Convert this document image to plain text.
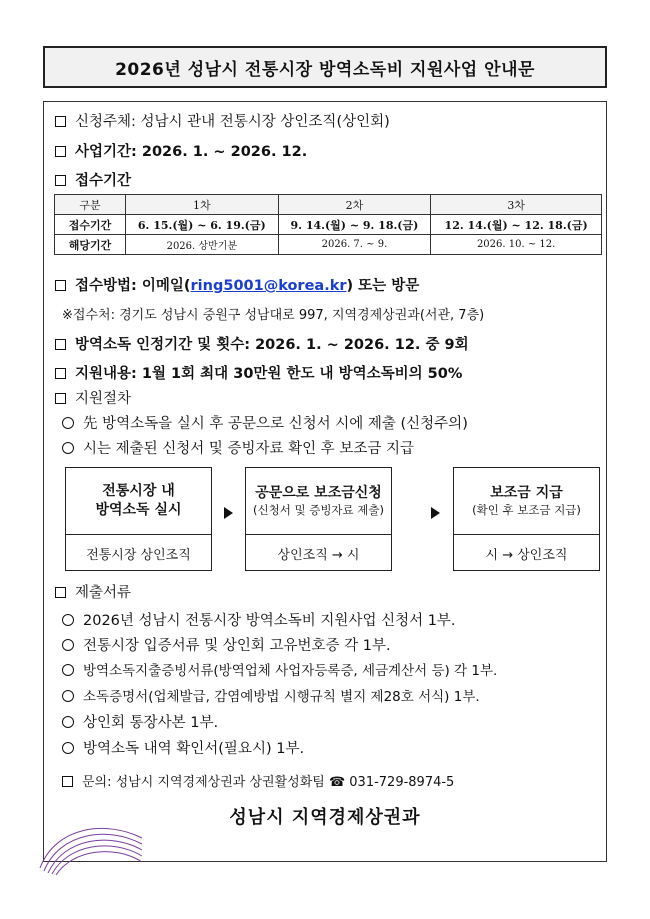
2026년 성남시 전통시장 방역소독비 지원사업 안내문
신청주체: 성남시 관내 전통시장 상인조직(상인회)
사업기간: 2026. 1. ~ 2026. 12.
접수기간
구분	1차	2차	3차
접수기간	6. 15.(월) ~ 6. 19.(금)	9. 14.(월) ~ 9. 18.(금)	12. 14.(월) ~ 12. 18.(금)
해당기간	2026. 상반기분	2026. 7. ~ 9.	2026. 10. ~ 12.
접수방법: 이메일(ring5001@korea.kr) 또는 방문
※접수처: 경기도 성남시 중원구 성남대로 997, 지역경제상권과(서관, 7층)
방역소독 인정기간 및 횟수: 2026. 1. ~ 2026. 12. 중 9회
지원내용: 1월 1회 최대 30만원 한도 내 방역소독비의 50%
지원절차
先 방역소독을 실시 후 공문으로 신청서 시에 제출 (신청주의)
시는 제출된 신청서 및 증빙자료 확인 후 보조금 지급
전통시장 내
방역소독 실시
전통시장 상인조직
공문으로 보조금신청
(신청서 및 증빙자료 제출)
상인조직 → 시
보조금 지급
(확인 후 보조금 지급)
시 → 상인조직
제출서류
2026년 성남시 전통시장 방역소독비 지원사업 신청서 1부.
전통시장 입증서류 및 상인회 고유번호증 각 1부.
방역소독지출증빙서류(방역업체 사업자등록증, 세금계산서 등) 각 1부.
소독증명서(업체발급, 감염예방법 시행규칙 별지 제28호 서식) 1부.
상인회 통장사본 1부.
방역소독 내역 확인서(필요시) 1부.
문의: 성남시 지역경제상권과 상권활성화팀 ☎ 031-729-8974-5
성남시 지역경제상권과
